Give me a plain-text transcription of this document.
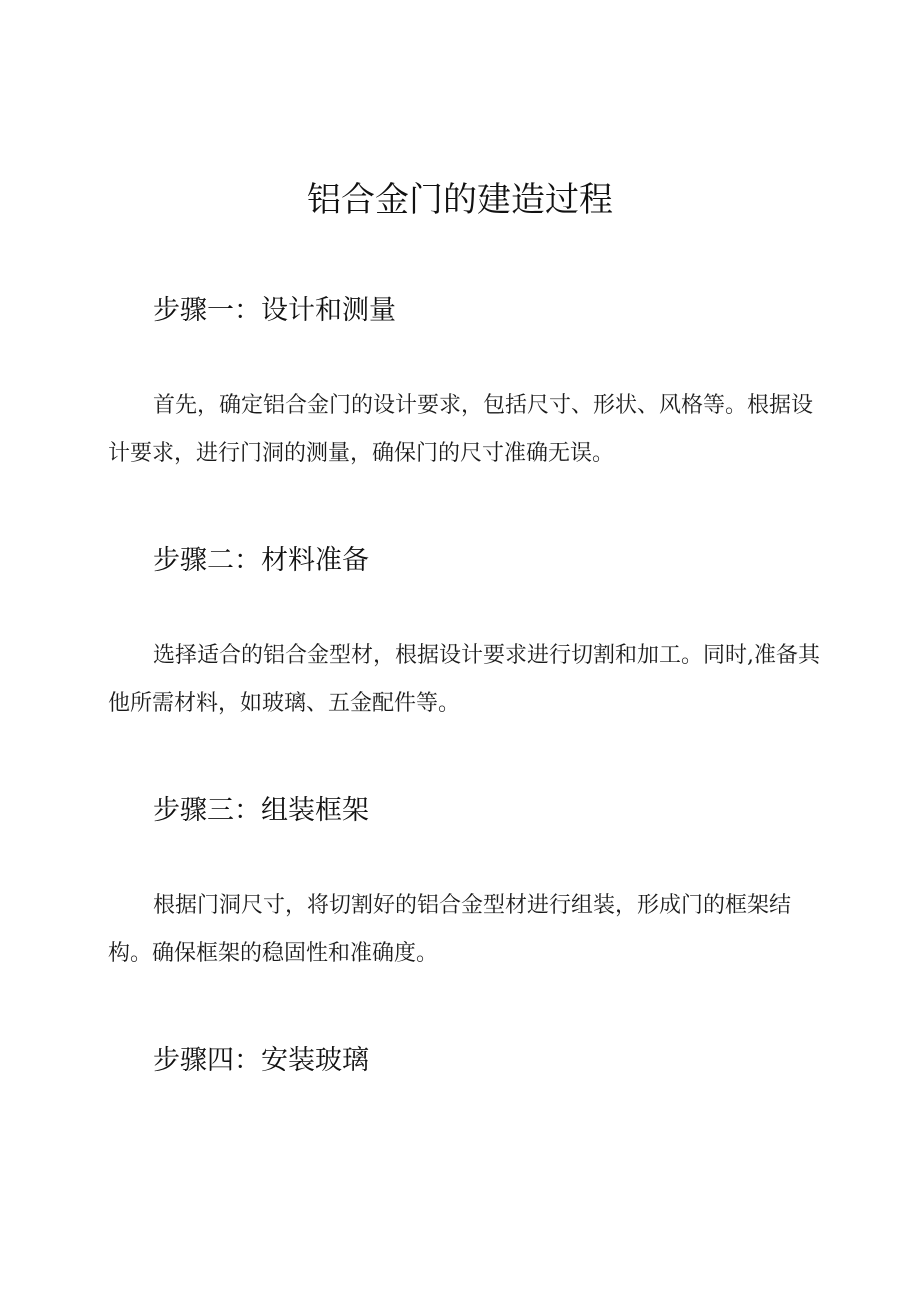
铝合金门的建造过程
步骤一：设计和测量

首先，确定铝合金门的设计要求，包括尺寸、形状、风格等。根据设计要求，进行门洞的测量，确保门的尺寸准确无误。

步骤二：材料准备

选择适合的铝合金型材，根据设计要求进行切割和加工。同时,准备其他所需材料，如玻璃、五金配件等。

步骤三：组装框架

根据门洞尺寸，将切割好的铝合金型材进行组装，形成门的框架结构。确保框架的稳固性和准确度。

步骤四：安装玻璃
